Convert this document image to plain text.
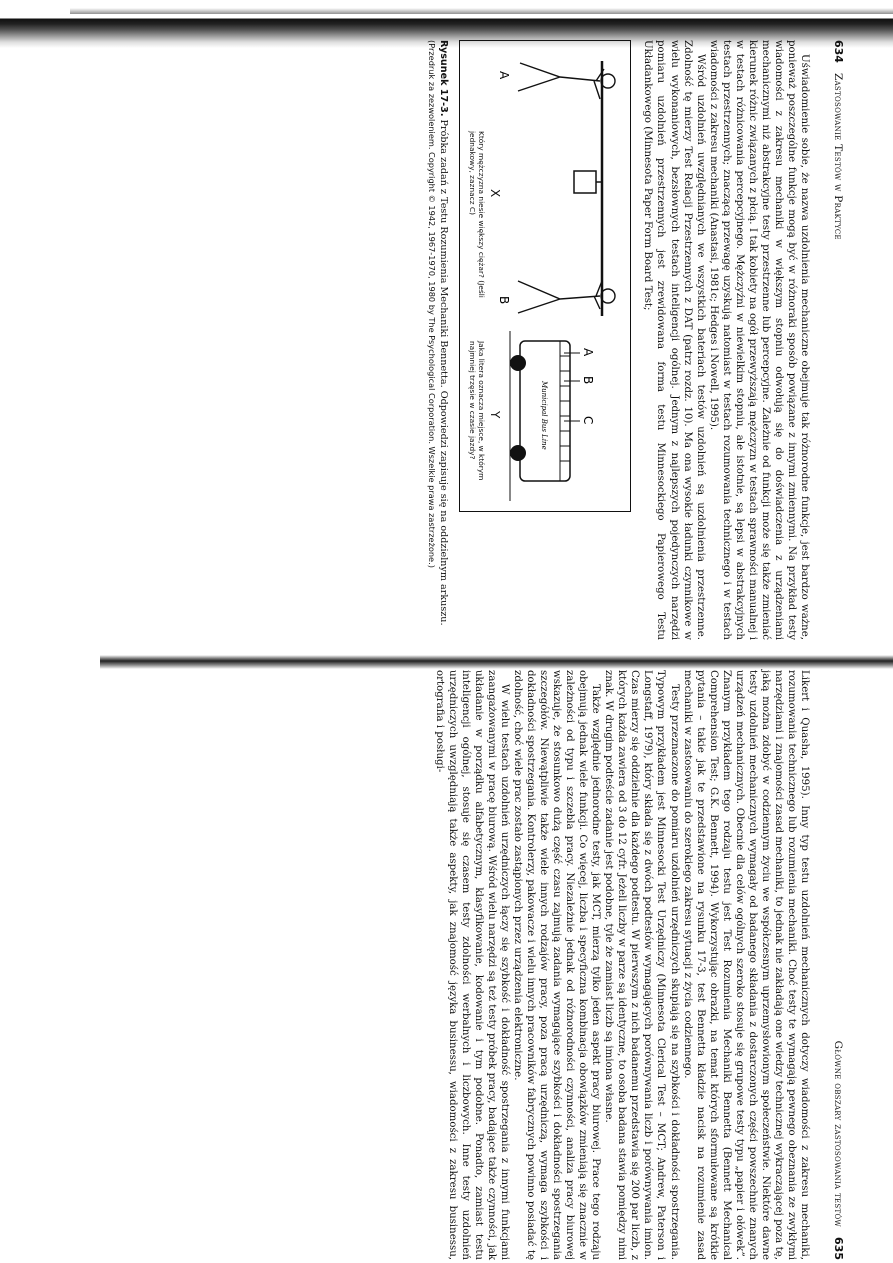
634
Zastosowanie Testów w Praktyce

Uświadomienie sobie, że nazwa uzdolnienia mechaniczne obejmuje tak różnorodne funkcje, jest bardzo ważne, ponieważ poszczególne funkcje mogą być w różnoraki sposób powiązane z innymi zmiennymi. Na przykład testy wiadomości z zakresu mechaniki w większym stopniu odwołują się do doświadczenia z urządzeniami mechanicznymi niż abstrakcyjne testy przestrzenne lub percepcyjne. Zależnie od funkcji może się także zmieniać kierunek różnic związanych z płcią. I tak kobiety na ogół przewyższają mężczyzn w testach sprawności manualnej i w testach różnicowania percepcyjnego. Mężczyźni w niewielkim stopniu, ale istotnie, są lepsi w abstrakcyjnych testach przestrzennych; znaczącą przewagę uzyskują natomiast w testach rozumowania technicznego i w testach wiadomości z zakresu mechaniki (Anastasi, 1981c; Hedges i Nowell, 1995).

Wśród uzdolnień uwzględnianych we wszystkich bateriach testów uzdolnień są uzdolnienia przestrzenne. Zdolność tę mierzy Test Relacji Przestrzennych z DAT (patrz rozdz. 10). Ma ona wysokie ładunki czynnikowe w wielu wykonaniowych, bezsłownych testach inteligencji ogólnej. Jednym z najlepszych pojedynczych narzędzi pomiaru uzdolnień przestrzennych jest zrewidowana forma testu Minnesockiego Papierowego Testu Układankowego (Minnesota Paper Form Board Test;

A
B
Municipal Bus Line
A
B
C
X
Który mężczyzna niesie większy ciężar? (Jeśli jednakowy, zaznacz C)
Y
Jaka litera oznacza miejsce, w którym najmniej trzęsie w czasie jazdy?
Rysunek 17-3. Próbka zadań z Testu Rozumienia Mechaniki Bennetta. Odpowiedzi zapisuje się na oddzielnym arkuszu.
(Przedruk za zezwoleniem. Copyright © 1942, 1967-1970, 1980 by The Psychological Corporation. Wszelkie prawa zastrzeżone.)
Główne obszary zastosowania testów
635

Likert i Quasha, 1995). Inny typ testu uzdolnień mechanicznych dotyczy wiadomości z zakresu mechaniki, rozumowania technicznego lub rozumienia mechaniki. Choć testy te wymagają pewnego obeznania ze zwykłymi narzędziami i znajomości zasad mechaniki, to jednak nie zakładają one wiedzy technicznej wykraczającej poza tę, jaką można zdobyć w codziennym życiu we współczesnym uprzemysłowionym społeczeństwie. Niektóre dawne testy uzdolnień mechanicznych wymagały od badanego składania z dostarczonych części powszechnie znanych urządzeń mechanicznych. Obecnie dla celów ogólnych szeroko stosuje się grupowe testy typu „papier i ołówek”. Znanym przykładem tego rodzaju testu jest Test Rozumienia Mechaniki Bennetta (Bennett Mechanical Comprehension Test; G.K. Bennett, 1994). Wykorzystując obrazki, na temat których sformułowane są krótkie pytania – takie jak te przedstawione na rysunku 17-3, test Bennetta kładzie nacisk na rozumienie zasad mechaniki w zastosowaniu do szerokiego zakresu sytuacji z życia codziennego.

Testy przeznaczone do pomiaru uzdolnień urzędniczych skupiają się na szybkości i dokładności spostrzegania. Typowym przykładem jest Minnesocki Test Urzędniczy (Minnesota Clerical Test – MCT; Andrew, Paterson i Longstaff, 1979), który składa się z dwóch podtestów wymagających porównywania liczb i porównywania imion. Czas mierzy się oddzielnie dla każdego podtestu. W pierwszym z nich badanemu przedstawia się 200 par liczb, z których każda zawiera od 3 do 12 cyfr. Jeżeli liczby w parze są identyczne, to osoba badana stawia pomiędzy nimi znak. W drugim podteście zadanie jest podobne, tyle że zamiast liczb są imiona własne.

Także względnie jednorodne testy, jak MCT, mierzą tylko jeden aspekt pracy biurowej. Prace tego rodzaju obejmują jednak wiele funkcji. Co więcej, liczba i specyficzna kombinacja obowiązków zmieniają się znacznie w zależności od typu i szczebla pracy. Niezależnie jednak od różnorodności czynności, analiza pracy biurowej wskazuje, że stosunkowo dużą część czasu zajmują zadania wymagające szybkości i dokładności spostrzegania szczegółów. Niewątpliwie także wiele innych rodzajów pracy, poza pracą urzędniczą, wymaga szybkości i dokładności spostrzegania. Kontrolerzy, pakowacze i wielu innych pracowników fabrycznych powinno posiadać tę zdolność, choć wiele prac zostało zastąpionych przez urządzenia elektroniczne.

W wielu testach uzdolnień urzędniczych łączy się szybkość i dokładność spostrzegania z innymi funkcjami zaangażowanymi w pracę biurową. Wśród wielu narzędzi są też testy próbek pracy, badające także czynności, jak układanie w porządku alfabetycznym, klasyfikowanie, kodowanie i tym podobne. Ponadto, zamiast testu inteligencji ogólnej, stosuje się czasem testy zdolności werbalnych i liczbowych. Inne testy uzdolnień urzędniczych uwzględniają także aspekty, jak znajomość języka businessu, wiadomości z zakresu businessu, ortografia i posługi-
